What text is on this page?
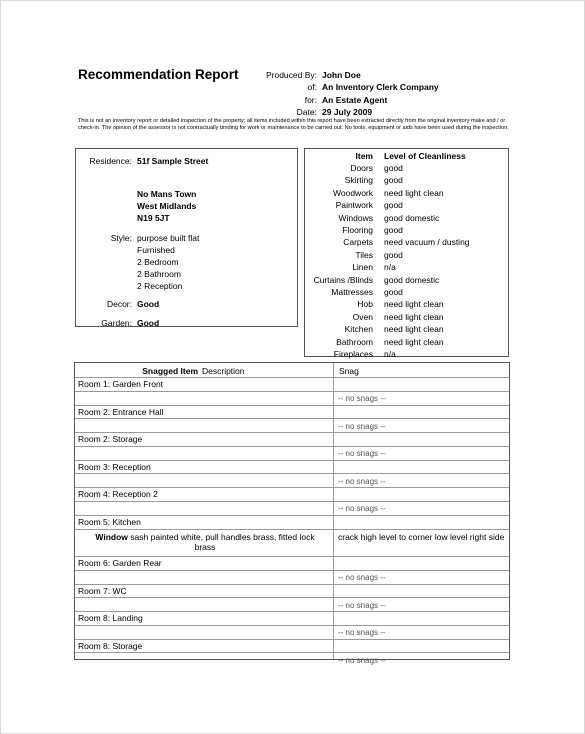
Recommendation Report	Produced By: John Doe
of: An Inventory Clerk Company
for: An Estate Agent
Date: 29 July 2009
This is not an inventory report or detailed inspection of the property; all items included within this report have been extracted directly from the original inventory make and / or check-in. The opinion of the assessor is not contractually binding for work or maintenance to be carried out. No tools, equipment or aids have been used during the inspection.
Residence: 51f Sample Street
No Mans Town
West Midlands
N19 5JT
Style: purpose built flat
Furnished
2 Bedroom
2 Bathroom
2 Reception
Decor: Good
Garden: Good
Item Level of Cleanliness
Doors good
Skirting good
Woodwork need light clean
Paintwork good
Windows good domestic
Flooring good
Carpets need vacuum / dusting
Tiles good
Linen n/a
Curtains /Blinds good domestic
Mattresses good
Hob need light clean
Oven need light clean
Kitchen need light clean
Bathroom need light clean
Fireplaces n/a
Snagged Item Description	Snag
Room 1: Garden Front
-- no snags --
Room 2: Entrance Hall
-- no snags --
Room 2: Storage
-- no snags --
Room 3: Reception
-- no snags --
Room 4: Reception 2
-- no snags --
Room 5: Kitchen
Window sash painted white, pull handles brass, fitted lock brass
crack high level to corner low level right side
Room 6: Garden Rear
-- no snags --
Room 7: WC
-- no snags --
Room 8: Landing
-- no snags --
Room 8: Storage
-- no snags --
